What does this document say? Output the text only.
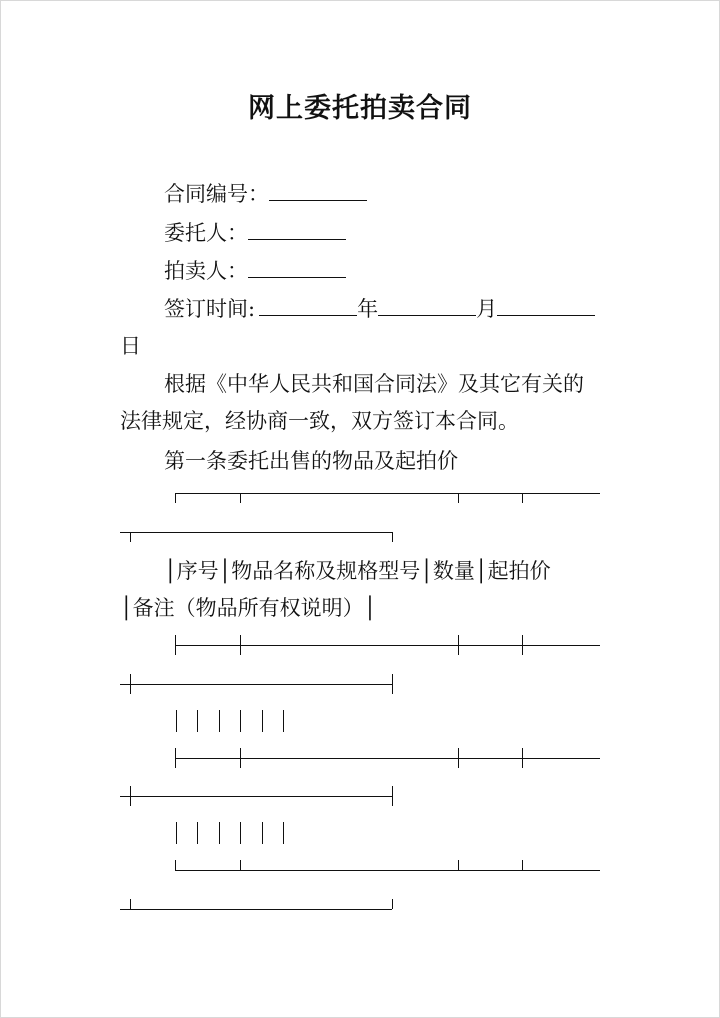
网上委托拍卖合同
合同编号：
委托人：
拍卖人：
签订时间:	年	月
日
根据《中华人民共和国合同法》及其它有关的
法律规定，经协商一致，双方签订本合同。
第一条委托出售的物品及起拍价
│序号│物品名称及规格型号│数量│起拍价
│备注（物品所有权说明）│
